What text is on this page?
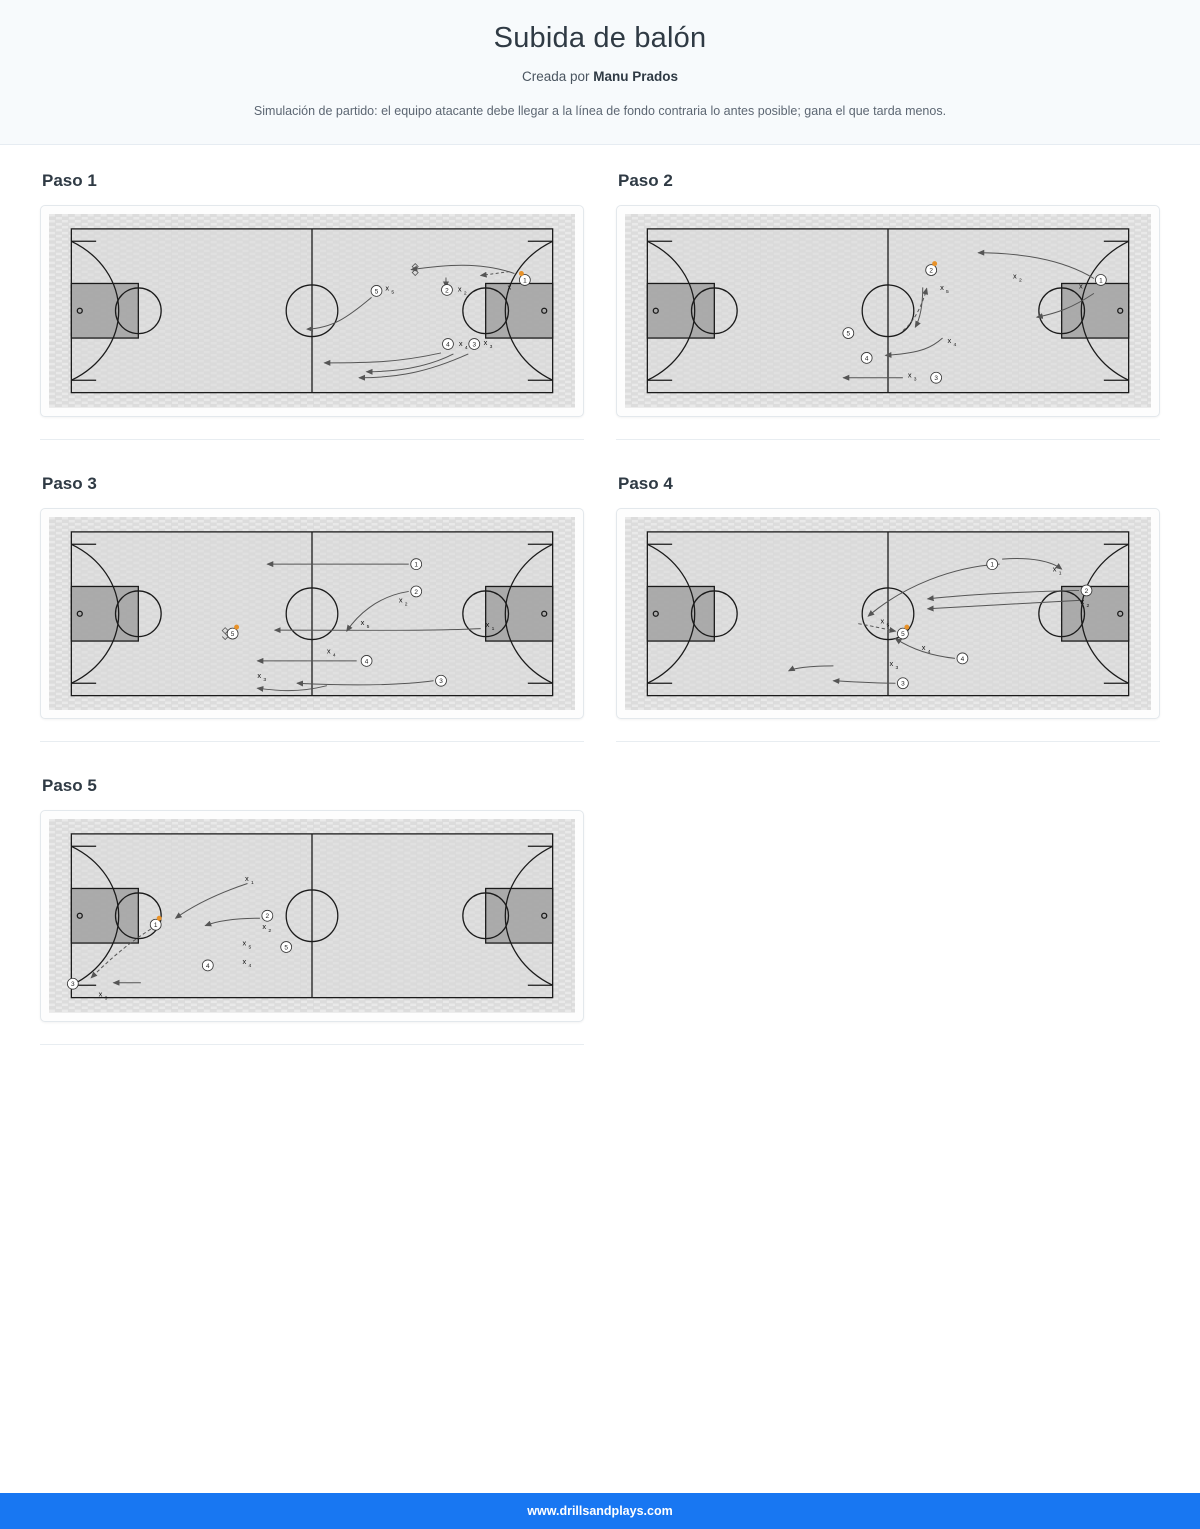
Subida de balón

Creada por Manu Prados

Simulación de partido: el equipo atacante debe llegar a la línea de fondo contraria lo antes posible; gana el que tarda menos.

Paso 1
1
2
5
4 3
x
x
2
x
5
x
4
x
3
Paso 2
1
2
5
4
3
x
x
2
x
5
x
4
x
3
Paso 3
1
2
5
4
3
x
1
x
2
x
5
x
4
x
3
Paso 4
1
2
5
4
3
x
1
x
2
x
5
x
4
x
3
Paso 5
1
2
5
4
3
x
1
x
2
x
5
x
4
x
3
www.drillsandplays.com
